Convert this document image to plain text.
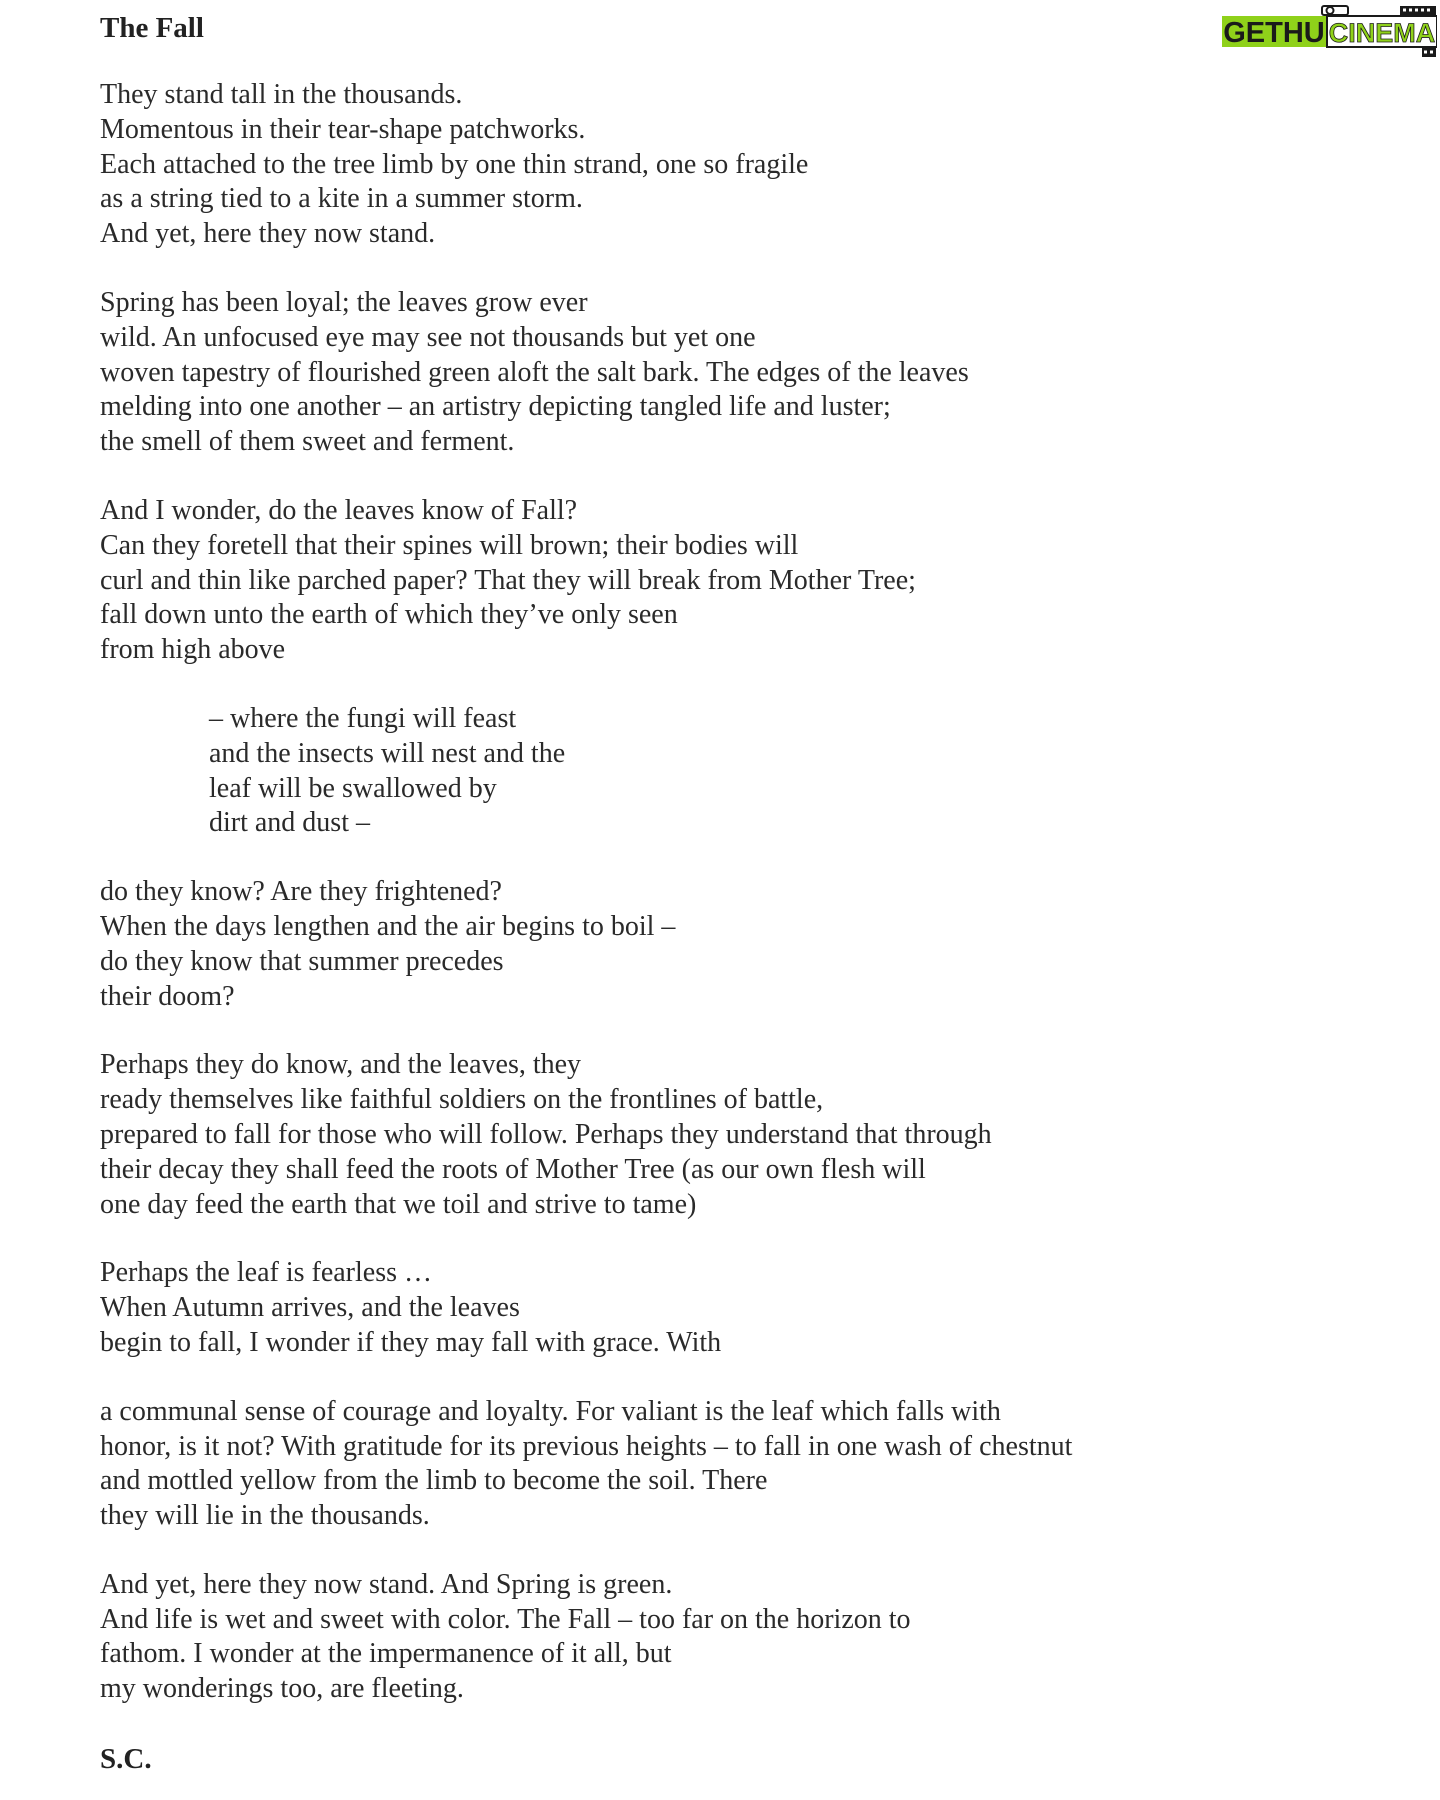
The Fall
They stand tall in the thousands.
Momentous in their tear-shape patchworks.
Each attached to the tree limb by one thin strand, one so fragile
as a string tied to a kite in a summer storm.
And yet, here they now stand.
Spring has been loyal; the leaves grow ever
wild. An unfocused eye may see not thousands but yet one
woven tapestry of flourished green aloft the salt bark. The edges of the leaves
melding into one another – an artistry depicting tangled life and luster;
the smell of them sweet and ferment.
And I wonder, do the leaves know of Fall?
Can they foretell that their spines will brown; their bodies will
curl and thin like parched paper? That they will break from Mother Tree;
fall down unto the earth of which they’ve only seen
from high above
– where the fungi will feast
and the insects will nest and the
leaf will be swallowed by
dirt and dust –
do they know? Are they frightened?
When the days lengthen and the air begins to boil –
do they know that summer precedes
their doom?
Perhaps they do know, and the leaves, they
ready themselves like faithful soldiers on the frontlines of battle,
prepared to fall for those who will follow. Perhaps they understand that through
their decay they shall feed the roots of Mother Tree (as our own flesh will
one day feed the earth that we toil and strive to tame)
Perhaps the leaf is fearless …
When Autumn arrives, and the leaves
begin to fall, I wonder if they may fall with grace. With
a communal sense of courage and loyalty. For valiant is the leaf which falls with
honor, is it not? With gratitude for its previous heights – to fall in one wash of chestnut
and mottled yellow from the limb to become the soil. There
they will lie in the thousands.
And yet, here they now stand. And Spring is green.
And life is wet and sweet with color. The Fall – too far on the horizon to
fathom. I wonder at the impermanence of it all, but
my wonderings too, are fleeting.
S.C.
GETHU CINEMA
